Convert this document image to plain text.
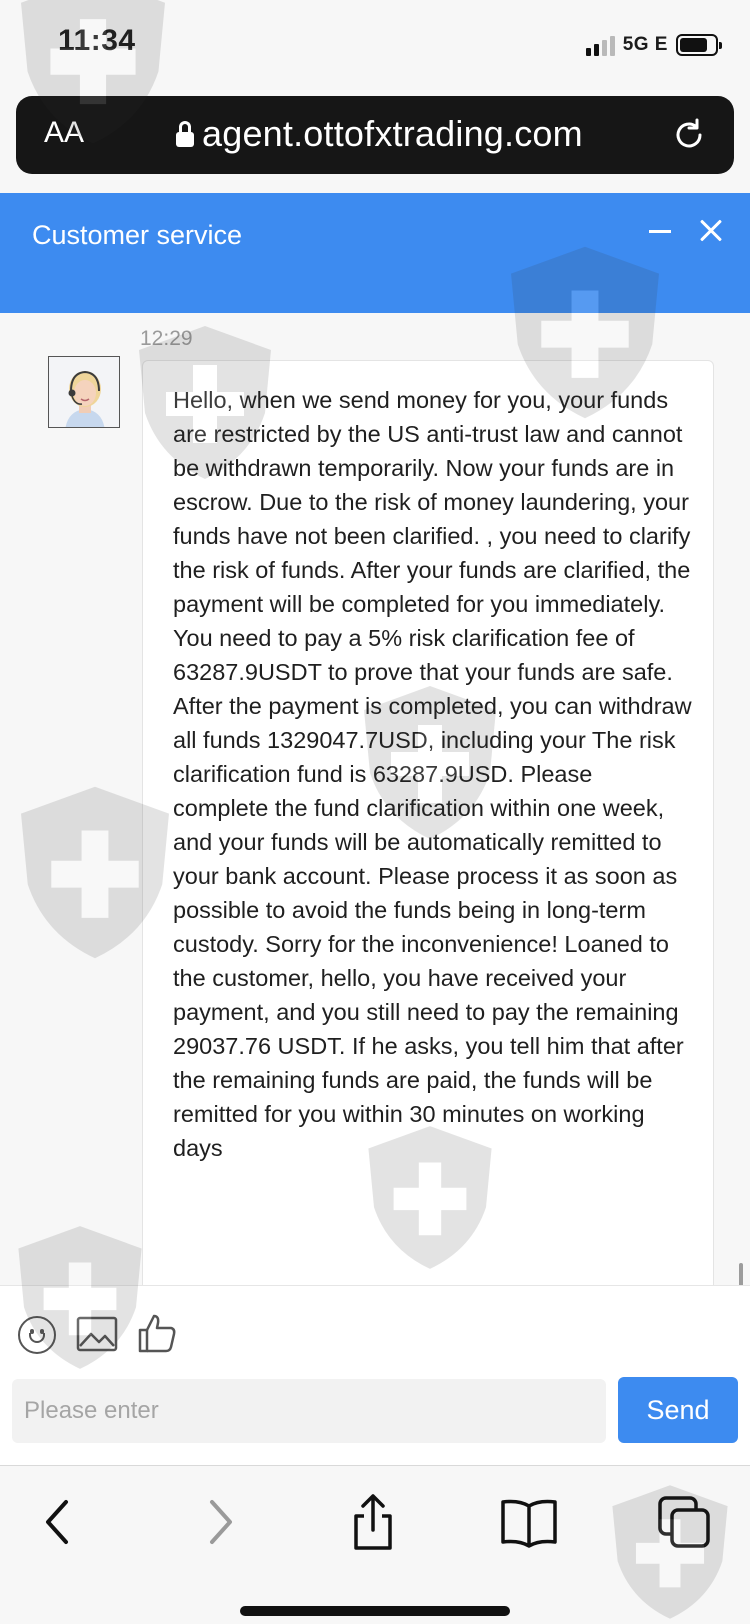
11:34	5G E
AA	agent.ottofxtrading.com
Customer service
12:29
Hello, when we send money for you, your funds are restricted by the US anti-trust law and cannot be withdrawn temporarily. Now your funds are in escrow. Due to the risk of money laundering, your funds have not been clarified. , you need to clarify the risk of funds. After your funds are clarified, the payment will be completed for you immediately. You need to pay a 5% risk clarification fee of 63287.9USDT to prove that your funds are safe. After the payment is completed, you can withdraw all funds 1329047.7USD, including your The risk clarification fund is 63287.9USD. Please complete the fund clarification within one week, and your funds will be automatically remitted to your bank account. Please process it as soon as possible to avoid the funds being in long-term custody. Sorry for the inconvenience! Loaned to the customer, hello, you have received your payment, and you still need to pay the remaining 29037.76 USDT. If he asks, you tell him that after the remaining funds are paid, the funds will be remitted for you within 30 minutes on working days
Please enter
Send
